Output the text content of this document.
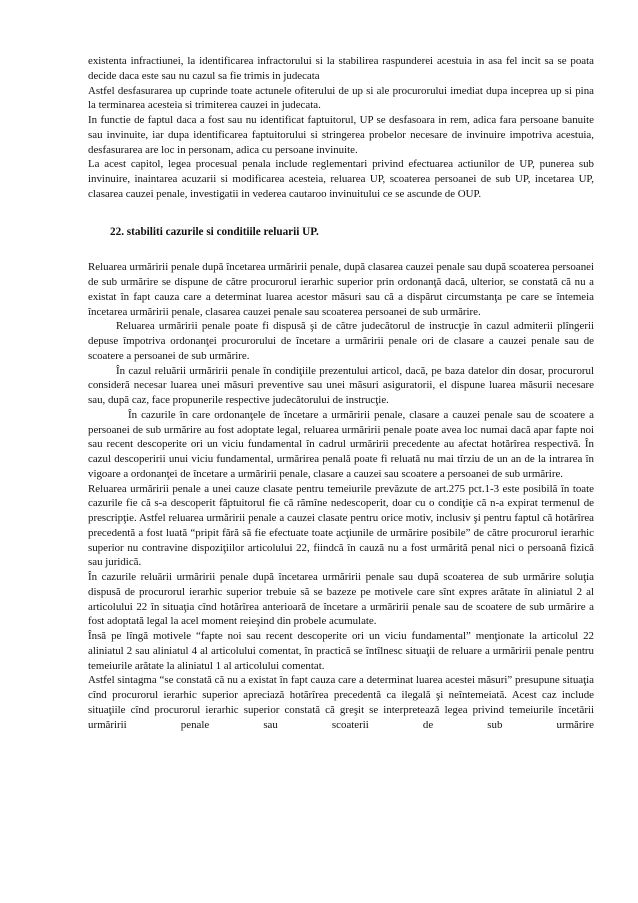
existenta infractiunei, la identificarea infractorului si la stabilirea raspunderei acestuia in asa fel incit sa se poata decide daca este sau nu cazul sa fie trimis in judecata

Astfel desfasurarea up cuprinde toate actunele ofiterului de up si ale procurorului imediat dupa inceprea up si pina la terminarea acesteia si trimiterea cauzei in judecata.

In functie de faptul daca a fost sau nu identificat faptuitorul, UP se desfasoara in rem, adica fara persoane banuite sau invinuite, iar dupa identificarea faptuitorului si stringerea probelor necesare de invinuire impotriva acestuia, desfasurarea are loc in personam, adica cu persoane invinuite.

La acest capitol, legea procesual penala include reglementari privind efectuarea actiunilor de UP, punerea sub invinuire, inaintarea acuzarii si modificarea acesteia, reluarea UP, scoaterea persoanei de sub UP, incetarea UP, clasarea cauzei penale, investigatii in vederea cautaroo invinuitului ce se ascunde de OUP.

22. stabiliti cazurile si conditiile reluarii UP.

Reluarea urmăririi penale după încetarea urmăririi penale, după clasarea cauzei penale sau după scoaterea persoanei de sub urmărire se dispune de către procurorul ierarhic superior prin ordonanţă dacă, ulterior, se constată că nu a existat în fapt cauza care a determinat luarea acestor măsuri sau că a dispărut circumstanţa pe care se întemeia încetarea urmăririi penale, clasarea cauzei penale sau scoaterea persoanei de sub urmărire.

Reluarea urmăririi penale poate fi dispusă şi de către judecătorul de instrucţie în cazul admiterii plîngerii depuse împotriva ordonanţei procurorului de încetare a urmăririi penale ori de clasare a cauzei penale sau de scoatere a persoanei de sub urmărire.

În cazul reluării urmăririi penale în condiţiile prezentului articol, dacă, pe baza datelor din dosar, procurorul consideră necesar luarea unei măsuri preventive sau unei măsuri asiguratorii, el dispune luarea măsurii necesare sau, după caz, face propunerile respective judecătorului de instrucţie.

În cazurile în care ordonanţele de încetare a urmăririi penale, clasare a cauzei penale sau de scoatere a persoanei de sub urmărire au fost adoptate legal, reluarea urmăririi penale poate avea loc numai dacă apar fapte noi sau recent descoperite ori un viciu fundamental în cadrul urmăririi precedente au afectat hotărîrea respectivă. În cazul descoperirii unui viciu fundamental, urmărirea penală poate fi reluată nu mai tîrziu de un an de la intrarea în vigoare a ordonanţei de încetare a urmăririi penale, clasare a cauzei sau scoatere a persoanei de sub urmărire.

Reluarea urmăririi penale a unei cauze clasate pentru temeiurile prevăzute de art.275 pct.1-3 este posibilă în toate cazurile fie că s-a descoperit făptuitorul fie că rămîne nedescoperit, doar cu o condiţie că n-a expirat termenul de prescripţie. Astfel reluarea urmăririi penale a cauzei clasate pentru orice motiv, inclusiv şi pentru faptul că hotărîrea precedentă a fost luată “pripit fără să fie efectuate toate acţiunile de urmărire posibile” de către procurorul ierarhic superior nu contravine dispoziţiilor articolului 22, fiindcă în cauză nu a fost urmărită penal nici o persoană fizică sau juridică.

În cazurile reluării urmăririi penale după încetarea urmăririi penale sau după scoaterea de sub urmărire soluţia dispusă de procurorul ierarhic superior trebuie să se bazeze pe motivele care sînt expres arătate în aliniatul 2 al articolului 22 în situaţia cînd hotărîrea anterioară de încetare a urmăririi penale sau de scoatere de sub urmărire a fost adoptată legal la acel moment reieşind din probele acumulate.

Însă pe lîngă motivele “fapte noi sau recent descoperite ori un viciu fundamental” menţionate la articolul 22 aliniatul 2 sau aliniatul 4 al articolului comentat, în practică se întîlnesc situaţii de reluare a urmăririi penale pentru temeiurile arătate la aliniatul 1 al articolului comentat.

Astfel sintagma “se constată că nu a existat în fapt cauza care a determinat luarea acestei măsuri” presupune situaţia cînd procurorul ierarhic superior apreciază hotărîrea precedentă ca ilegală şi neîntemeiată. Acest caz include situaţiile cînd procurorul ierarhic superior constată că greşit se interpretează legea privind temeiurile încetării urmăririi penale sau scoaterii de sub urmărire
